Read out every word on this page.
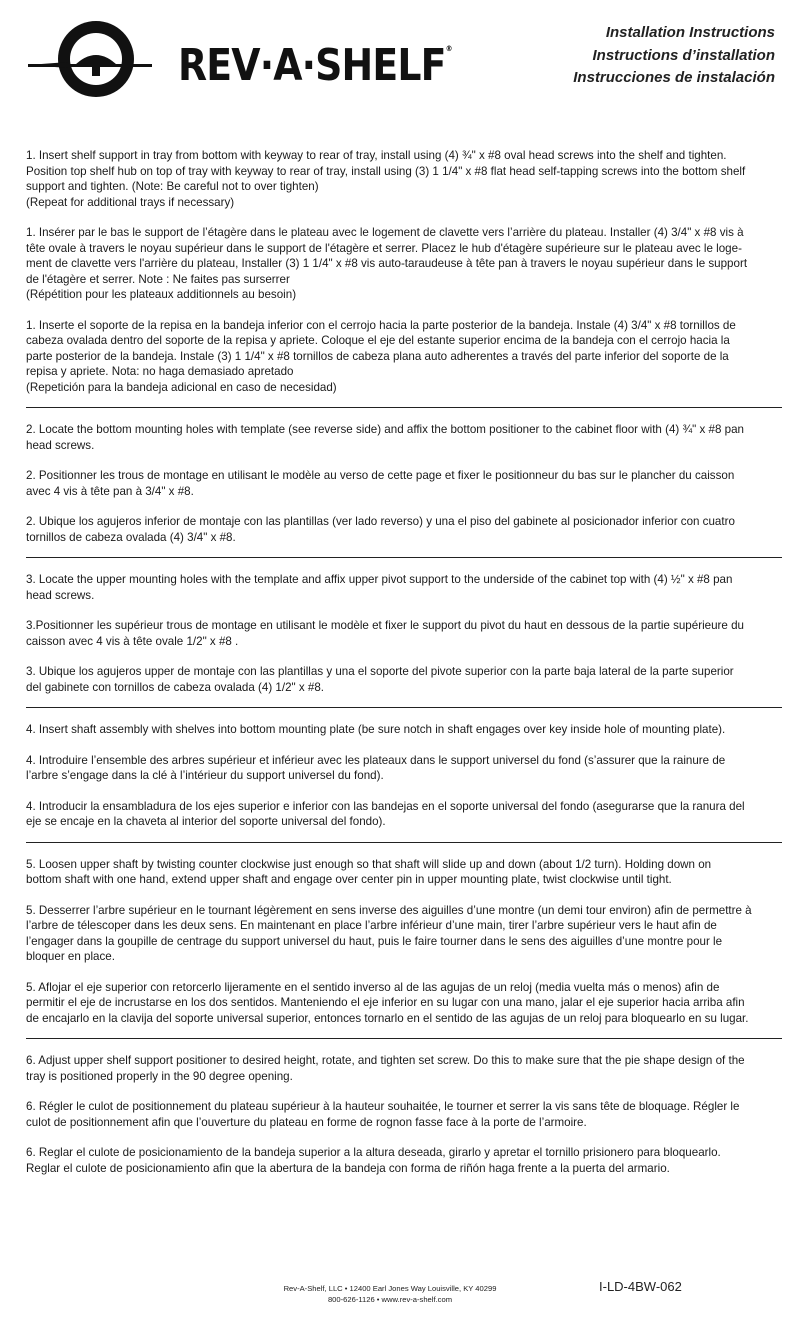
REV·A·SHELF®
Installation Instructions
Instructions d’installation
Instrucciones de instalación

1. Insert shelf support in tray from bottom with keyway to rear of tray, install using (4) ¾" x #8 oval head screws into the shelf and tighten.
Position top shelf hub on top of tray with keyway to rear of tray, install using (3) 1 1/4" x #8 flat head self-tapping screws into the bottom shelf
support and tighten. (Note: Be careful not to over tighten)
(Repeat for additional trays if necessary)

1. Insérer par le bas le support de l’étagère dans le plateau avec le logement de clavette vers l’arrière du plateau. Installer (4) 3/4" x #8 vis à
tête ovale à travers le noyau supérieur dans le support de l'étagère et serrer. Placez le hub d'étagère supérieure sur le plateau avec le loge-
ment de clavette vers l'arrière du plateau, Installer (3) 1 1/4" x #8 vis auto-taraudeuse à tête pan à travers le noyau supérieur dans le support
de l'étagère et serrer. Note : Ne faites pas surserrer
(Répétition pour les plateaux additionnels au besoin)

1. Inserte el soporte de la repisa en la bandeja inferior con el cerrojo hacia la parte posterior de la bandeja. Instale (4) 3/4" x #8 tornillos de
cabeza ovalada dentro del soporte de la repisa y apriete. Coloque el eje del estante superior encima de la bandeja con el cerrojo hacia la
parte posterior de la bandeja. Instale (3) 1 1/4" x #8 tornillos de cabeza plana auto adherentes a través del parte inferior del soporte de la
repisa y apriete. Nota: no haga demasiado apretado
(Repetición para la bandeja adicional en caso de necesidad)

2. Locate the bottom mounting holes with template (see reverse side) and affix the bottom positioner to the cabinet floor with (4) ¾" x #8 pan
head screws.

2. Positionner les trous de montage en utilisant le modèle au verso de cette page et fixer le positionneur du bas sur le plancher du caisson
avec 4 vis à tête pan à 3/4" x #8.

2. Ubique los agujeros inferior de montaje con las plantillas (ver lado reverso) y una el piso del gabinete al posicionador inferior con cuatro
tornillos de cabeza ovalada (4) 3/4" x #8.

3. Locate the upper mounting holes with the template and affix upper pivot support to the underside of the cabinet top with (4) ½" x #8 pan
head screws.

3.Positionner les supérieur trous de montage en utilisant le modèle et fixer le support du pivot du haut en dessous de la partie supérieure du
caisson avec 4 vis à tête ovale 1/2" x #8 .

3. Ubique los agujeros upper de montaje con las plantillas y una el soporte del pivote superior con la parte baja lateral de la parte superior
del gabinete con tornillos de cabeza ovalada (4) 1/2" x #8.

4. Insert shaft assembly with shelves into bottom mounting plate (be sure notch in shaft engages over key inside hole of mounting plate).

4. Introduire l’ensemble des arbres supérieur et inférieur avec les plateaux dans le support universel du fond (s’assurer que la rainure de
l’arbre s’engage dans la clé à l’intérieur du support universel du fond).

4. Introducir la ensambladura de los ejes superior e inferior con las bandejas en el soporte universal del fondo (asegurarse que la ranura del
eje se encaje en la chaveta al interior del soporte universal del fondo).

5. Loosen upper shaft by twisting counter clockwise just enough so that shaft will slide up and down (about 1/2 turn). Holding down on
bottom shaft with one hand, extend upper shaft and engage over center pin in upper mounting plate, twist clockwise until tight.

5. Desserrer l’arbre supérieur en le tournant légèrement en sens inverse des aiguilles d’une montre (un demi tour environ) afin de permettre à
l’arbre de télescoper dans les deux sens. En maintenant en place l’arbre inférieur d’une main, tirer l’arbre supérieur vers le haut afin de
l’engager dans la goupille de centrage du support universel du haut, puis le faire tourner dans le sens des aiguilles d’une montre pour le
bloquer en place.

5. Aflojar el eje superior con retorcerlo lijeramente en el sentido inverso al de las agujas de un reloj (media vuelta más o menos) afin de
permitir el eje de incrustarse en los dos sentidos. Manteniendo el eje inferior en su lugar con una mano, jalar el eje superior hacia arriba afin
de encajarlo en la clavija del soporte universal superior, entonces tornarlo en el sentido de las agujas de un reloj para bloquearlo en su lugar.

6. Adjust upper shelf support positioner to desired height, rotate, and tighten set screw. Do this to make sure that the pie shape design of the
tray is positioned properly in the 90 degree opening.

6. Régler le culot de positionnement du plateau supérieur à la hauteur souhaitée, le tourner et serrer la vis sans tête de bloquage. Régler le
culot de positionnement afin que l’ouverture du plateau en forme de rognon fasse face à la porte de l’armoire.

6. Reglar el culote de posicionamiento de la bandeja superior a la altura deseada, girarlo y apretar el tornillo prisionero para bloquearlo.
Reglar el culote de posicionamiento afin que la abertura de la bandeja con forma de riñón haga frente a la puerta del armario.

Rev-A-Shelf, LLC • 12400 Earl Jones Way Louisville, KY 40299
800-626-1126 • www.rev-a-shelf.com
I-LD-4BW-062
